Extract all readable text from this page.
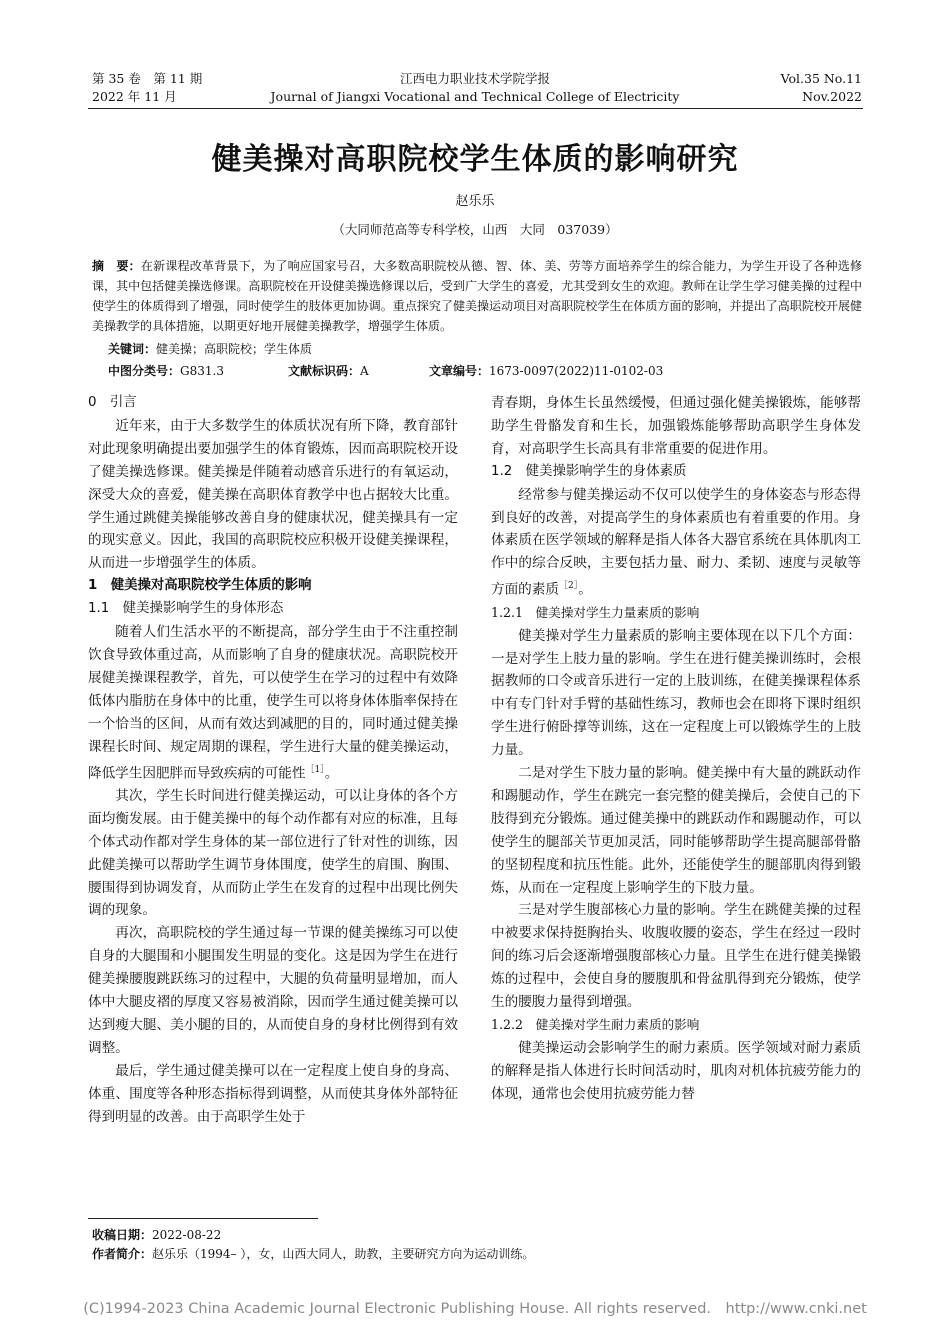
第 35 卷　第 11 期
2022 年 11 月
江西电力职业技术学院学报
Journal of Jiangxi Vocational and Technical College of Electricity
Vol.35 No.11
Nov.2022
健美操对高职院校学生体质的影响研究
赵乐乐
（大同师范高等专科学校，山西　大同　037039）
摘　要：在新课程改革背景下，为了响应国家号召，大多数高职院校从德、智、体、美、劳等方面培养学生的综合能力，为学生开设了各种选修课，其中包括健美操选修课。高职院校在开设健美操选修课以后，受到广大学生的喜爱，尤其受到女生的欢迎。教师在让学生学习健美操的过程中使学生的体质得到了增强，同时使学生的肢体更加协调。重点探究了健美操运动项目对高职院校学生在体质方面的影响，并提出了高职院校开展健美操教学的具体措施，以期更好地开展健美操教学，增强学生体质。
关键词：健美操；高职院校；学生体质
中图分类号：G831.3	文献标识码：A	文章编号：1673-0097(2022)11-0102-03
0　引言

近年来，由于大多数学生的体质状况有所下降，教育部针对此现象明确提出要加强学生的体育锻炼，因而高职院校开设了健美操选修课。健美操是伴随着动感音乐进行的有氧运动，深受大众的喜爱，健美操在高职体育教学中也占据较大比重。学生通过跳健美操能够改善自身的健康状况，健美操具有一定的现实意义。因此，我国的高职院校应积极开设健美操课程，从而进一步增强学生的体质。

1　健美操对高职院校学生体质的影响
1.1　健美操影响学生的身体形态

随着人们生活水平的不断提高，部分学生由于不注重控制饮食导致体重过高，从而影响了自身的健康状况。高职院校开展健美操课程教学，首先，可以使学生在学习的过程中有效降低体内脂肪在身体中的比重，使学生可以将身体体脂率保持在一个恰当的区间，从而有效达到减肥的目的，同时通过健美操课程长时间、规定周期的课程，学生进行大量的健美操运动，降低学生因肥胖而导致疾病的可能性$^{[1]}$。

其次，学生长时间进行健美操运动，可以让身体的各个方面均衡发展。由于健美操中的每个动作都有对应的标准，且每个体式动作都对学生身体的某一部位进行了针对性的训练，因此健美操可以帮助学生调节身体围度，使学生的肩围、胸围、腰围得到协调发育，从而防止学生在发育的过程中出现比例失调的现象。

再次，高职院校的学生通过每一节课的健美操练习可以使自身的大腿围和小腿围发生明显的变化。这是因为学生在进行健美操腰腹跳跃练习的过程中，大腿的负荷量明显增加，而人体中大腿皮褶的厚度又容易被消除，因而学生通过健美操可以达到瘦大腿、美小腿的目的，从而使自身的身材比例得到有效调整。

最后，学生通过健美操可以在一定程度上使自身的身高、体重、围度等各种形态指标得到调整，从而使其身体外部特征得到明显的改善。由于高职学生处于

青春期，身体生长虽然缓慢，但通过强化健美操锻炼，能够帮助学生骨骼发育和生长，加强锻炼能够帮助高职学生身体发育，对高职学生长高具有非常重要的促进作用。

1.2　健美操影响学生的身体素质

经常参与健美操运动不仅可以使学生的身体姿态与形态得到良好的改善，对提高学生的身体素质也有着重要的作用。身体素质在医学领域的解释是指人体各大器官系统在具体肌肉工作中的综合反映，主要包括力量、耐力、柔韧、速度与灵敏等方面的素质$^{[2]}$。

1.2.1　健美操对学生力量素质的影响

健美操对学生力量素质的影响主要体现在以下几个方面：一是对学生上肢力量的影响。学生在进行健美操训练时，会根据教师的口令或音乐进行一定的上肢训练，在健美操课程体系中有专门针对手臂的基础性练习，教师也会在即将下课时组织学生进行俯卧撑等训练，这在一定程度上可以锻炼学生的上肢力量。

二是对学生下肢力量的影响。健美操中有大量的跳跃动作和踢腿动作，学生在跳完一套完整的健美操后，会使自己的下肢得到充分锻炼。通过健美操中的跳跃动作和踢腿动作，可以使学生的腿部关节更加灵活，同时能够帮助学生提高腿部骨骼的坚韧程度和抗压性能。此外，还能使学生的腿部肌肉得到锻炼，从而在一定程度上影响学生的下肢力量。

三是对学生腹部核心力量的影响。学生在跳健美操的过程中被要求保持挺胸抬头、收腹收腰的姿态，学生在经过一段时间的练习后会逐渐增强腹部核心力量。且学生在进行健美操锻炼的过程中，会使自身的腰腹肌和骨盆肌得到充分锻炼，使学生的腰腹力量得到增强。

1.2.2　健美操对学生耐力素质的影响

健美操运动会影响学生的耐力素质。医学领域对耐力素质的解释是指人体进行长时间活动时，肌肉对机体抗疲劳能力的体现，通常也会使用抗疲劳能力替

收稿日期：2022-08-22
作者简介：赵乐乐（1994– ），女，山西大同人，助教，主要研究方向为运动训练。
(C)1994-2023 China Academic Journal Electronic Publishing House. All rights reserved.　http://www.cnki.net
